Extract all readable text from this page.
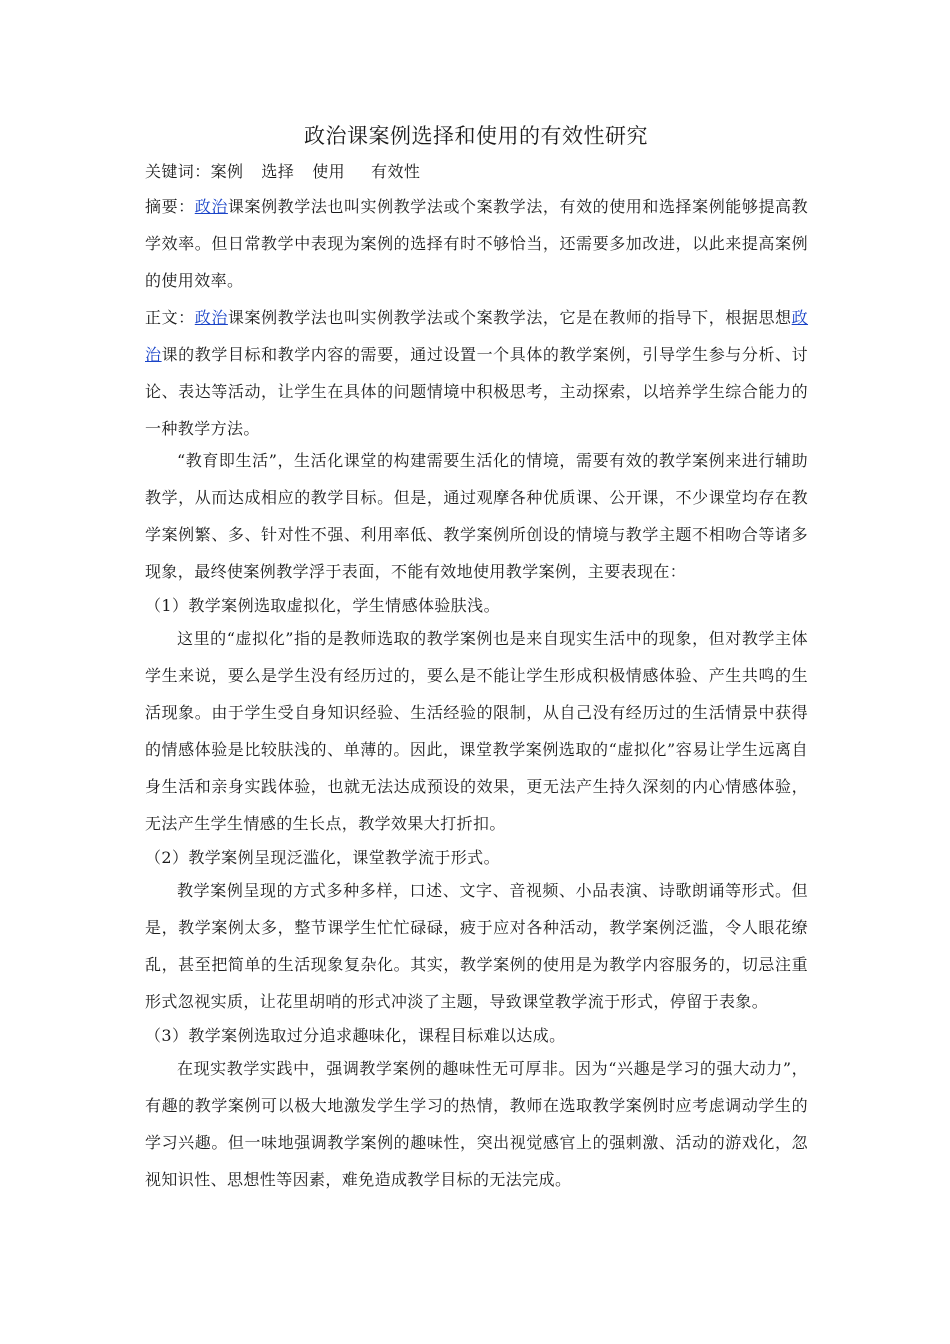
政治课案例选择和使用的有效性研究
关键词：案例 选择 使用 有效性

摘要：政治课案例教学法也叫实例教学法或个案教学法，有效的使用和选择案例能够提高教学效率。但日常教学中表现为案例的选择有时不够恰当，还需要多加改进，以此来提高案例的使用效率。

正文：政治课案例教学法也叫实例教学法或个案教学法，它是在教师的指导下，根据思想政治课的教学目标和教学内容的需要，通过设置一个具体的教学案例，引导学生参与分析、讨论、表达等活动，让学生在具体的问题情境中积极思考，主动探索，以培养学生综合能力的一种教学方法。

“教育即生活”，生活化课堂的构建需要生活化的情境，需要有效的教学案例来进行辅助教学，从而达成相应的教学目标。但是，通过观摩各种优质课、公开课，不少课堂均存在教学案例繁、多、针对性不强、利用率低、教学案例所创设的情境与教学主题不相吻合等诸多现象，最终使案例教学浮于表面，不能有效地使用教学案例，主要表现在：

（1）教学案例选取虚拟化，学生情感体验肤浅。

这里的“虚拟化”指的是教师选取的教学案例也是来自现实生活中的现象，但对教学主体学生来说，要么是学生没有经历过的，要么是不能让学生形成积极情感体验、产生共鸣的生活现象。由于学生受自身知识经验、生活经验的限制，从自己没有经历过的生活情景中获得的情感体验是比较肤浅的、单薄的。因此，课堂教学案例选取的“虚拟化”容易让学生远离自身生活和亲身实践体验，也就无法达成预设的效果，更无法产生持久深刻的内心情感体验，无法产生学生情感的生长点，教学效果大打折扣。

（2）教学案例呈现泛滥化，课堂教学流于形式。

教学案例呈现的方式多种多样，口述、文字、音视频、小品表演、诗歌朗诵等形式。但是，教学案例太多，整节课学生忙忙碌碌，疲于应对各种活动，教学案例泛滥，令人眼花缭乱，甚至把简单的生活现象复杂化。其实，教学案例的使用是为教学内容服务的，切忌注重形式忽视实质，让花里胡哨的形式冲淡了主题，导致课堂教学流于形式，停留于表象。

（3）教学案例选取过分追求趣味化，课程目标难以达成。

在现实教学实践中，强调教学案例的趣味性无可厚非。因为“兴趣是学习的强大动力”，有趣的教学案例可以极大地激发学生学习的热情，教师在选取教学案例时应考虑调动学生的学习兴趣。但一味地强调教学案例的趣味性，突出视觉感官上的强刺激、活动的游戏化，忽视知识性、思想性等因素，难免造成教学目标的无法完成。
